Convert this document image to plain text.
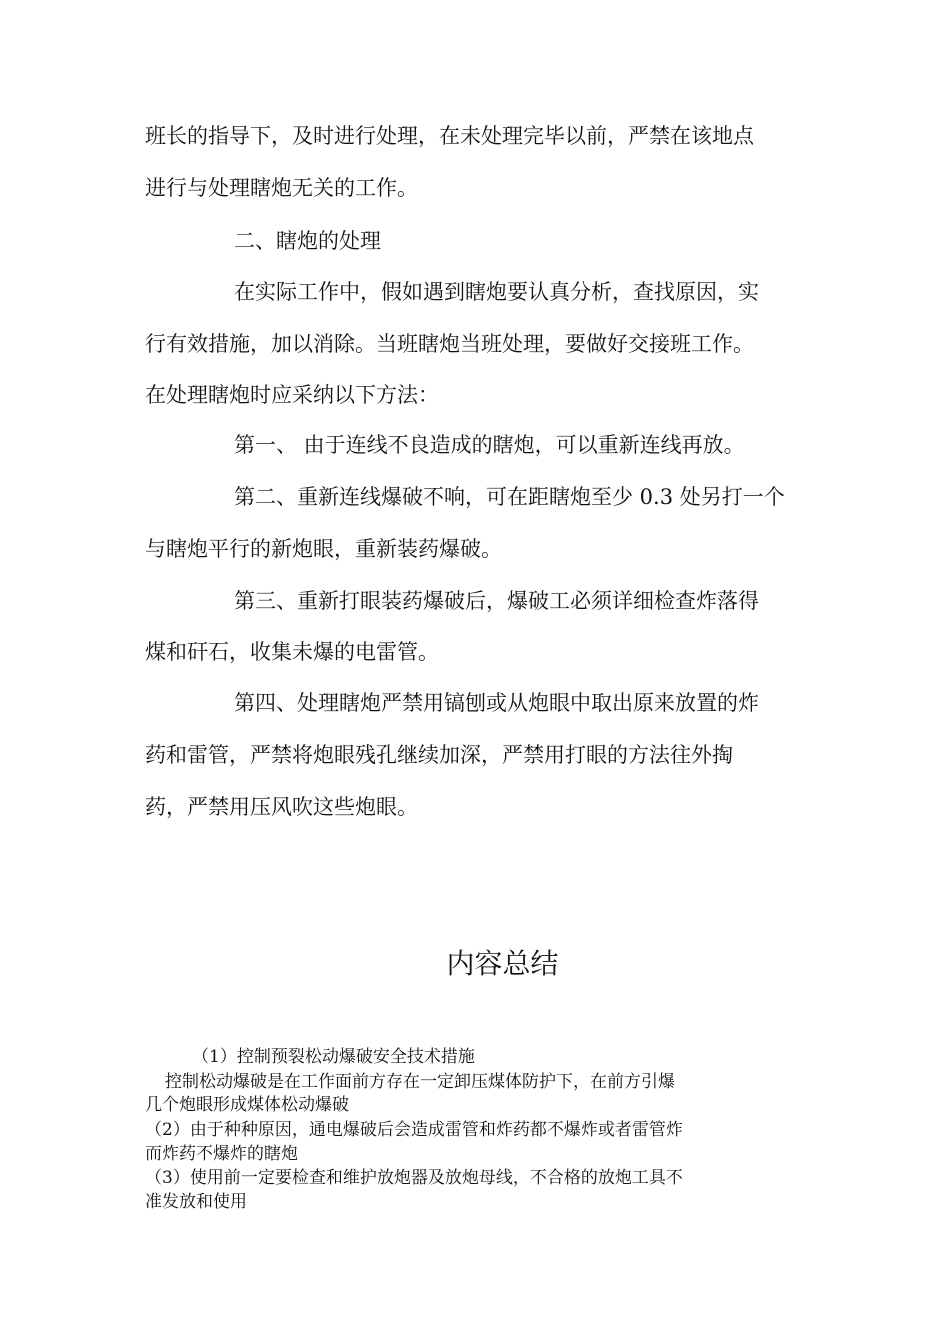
班长的指导下，及时进行处理，在未处理完毕以前，严禁在该地点
进行与处理瞎炮无关的工作。
二、瞎炮的处理
在实际工作中，假如遇到瞎炮要认真分析，查找原因，实
行有效措施，加以消除。当班瞎炮当班处理，要做好交接班工作。
在处理瞎炮时应采纳以下方法：
第一、 由于连线不良造成的瞎炮，可以重新连线再放。
第二、重新连线爆破不响，可在距瞎炮至少 0.3 处另打一个
与瞎炮平行的新炮眼，重新装药爆破。
第三、重新打眼装药爆破后，爆破工必须详细检查炸落得
煤和矸石，收集未爆的电雷管。
第四、处理瞎炮严禁用镐刨或从炮眼中取出原来放置的炸
药和雷管，严禁将炮眼残孔继续加深，严禁用打眼的方法往外掏
药，严禁用压风吹这些炮眼。
内容总结
（1）控制预裂松动爆破安全技术措施
控制松动爆破是在工作面前方存在一定卸压煤体防护下，在前方引爆
几个炮眼形成煤体松动爆破
（2）由于种种原因，通电爆破后会造成雷管和炸药都不爆炸或者雷管炸
而炸药不爆炸的瞎炮
（3）使用前一定要检查和维护放炮器及放炮母线，不合格的放炮工具不
准发放和使用
